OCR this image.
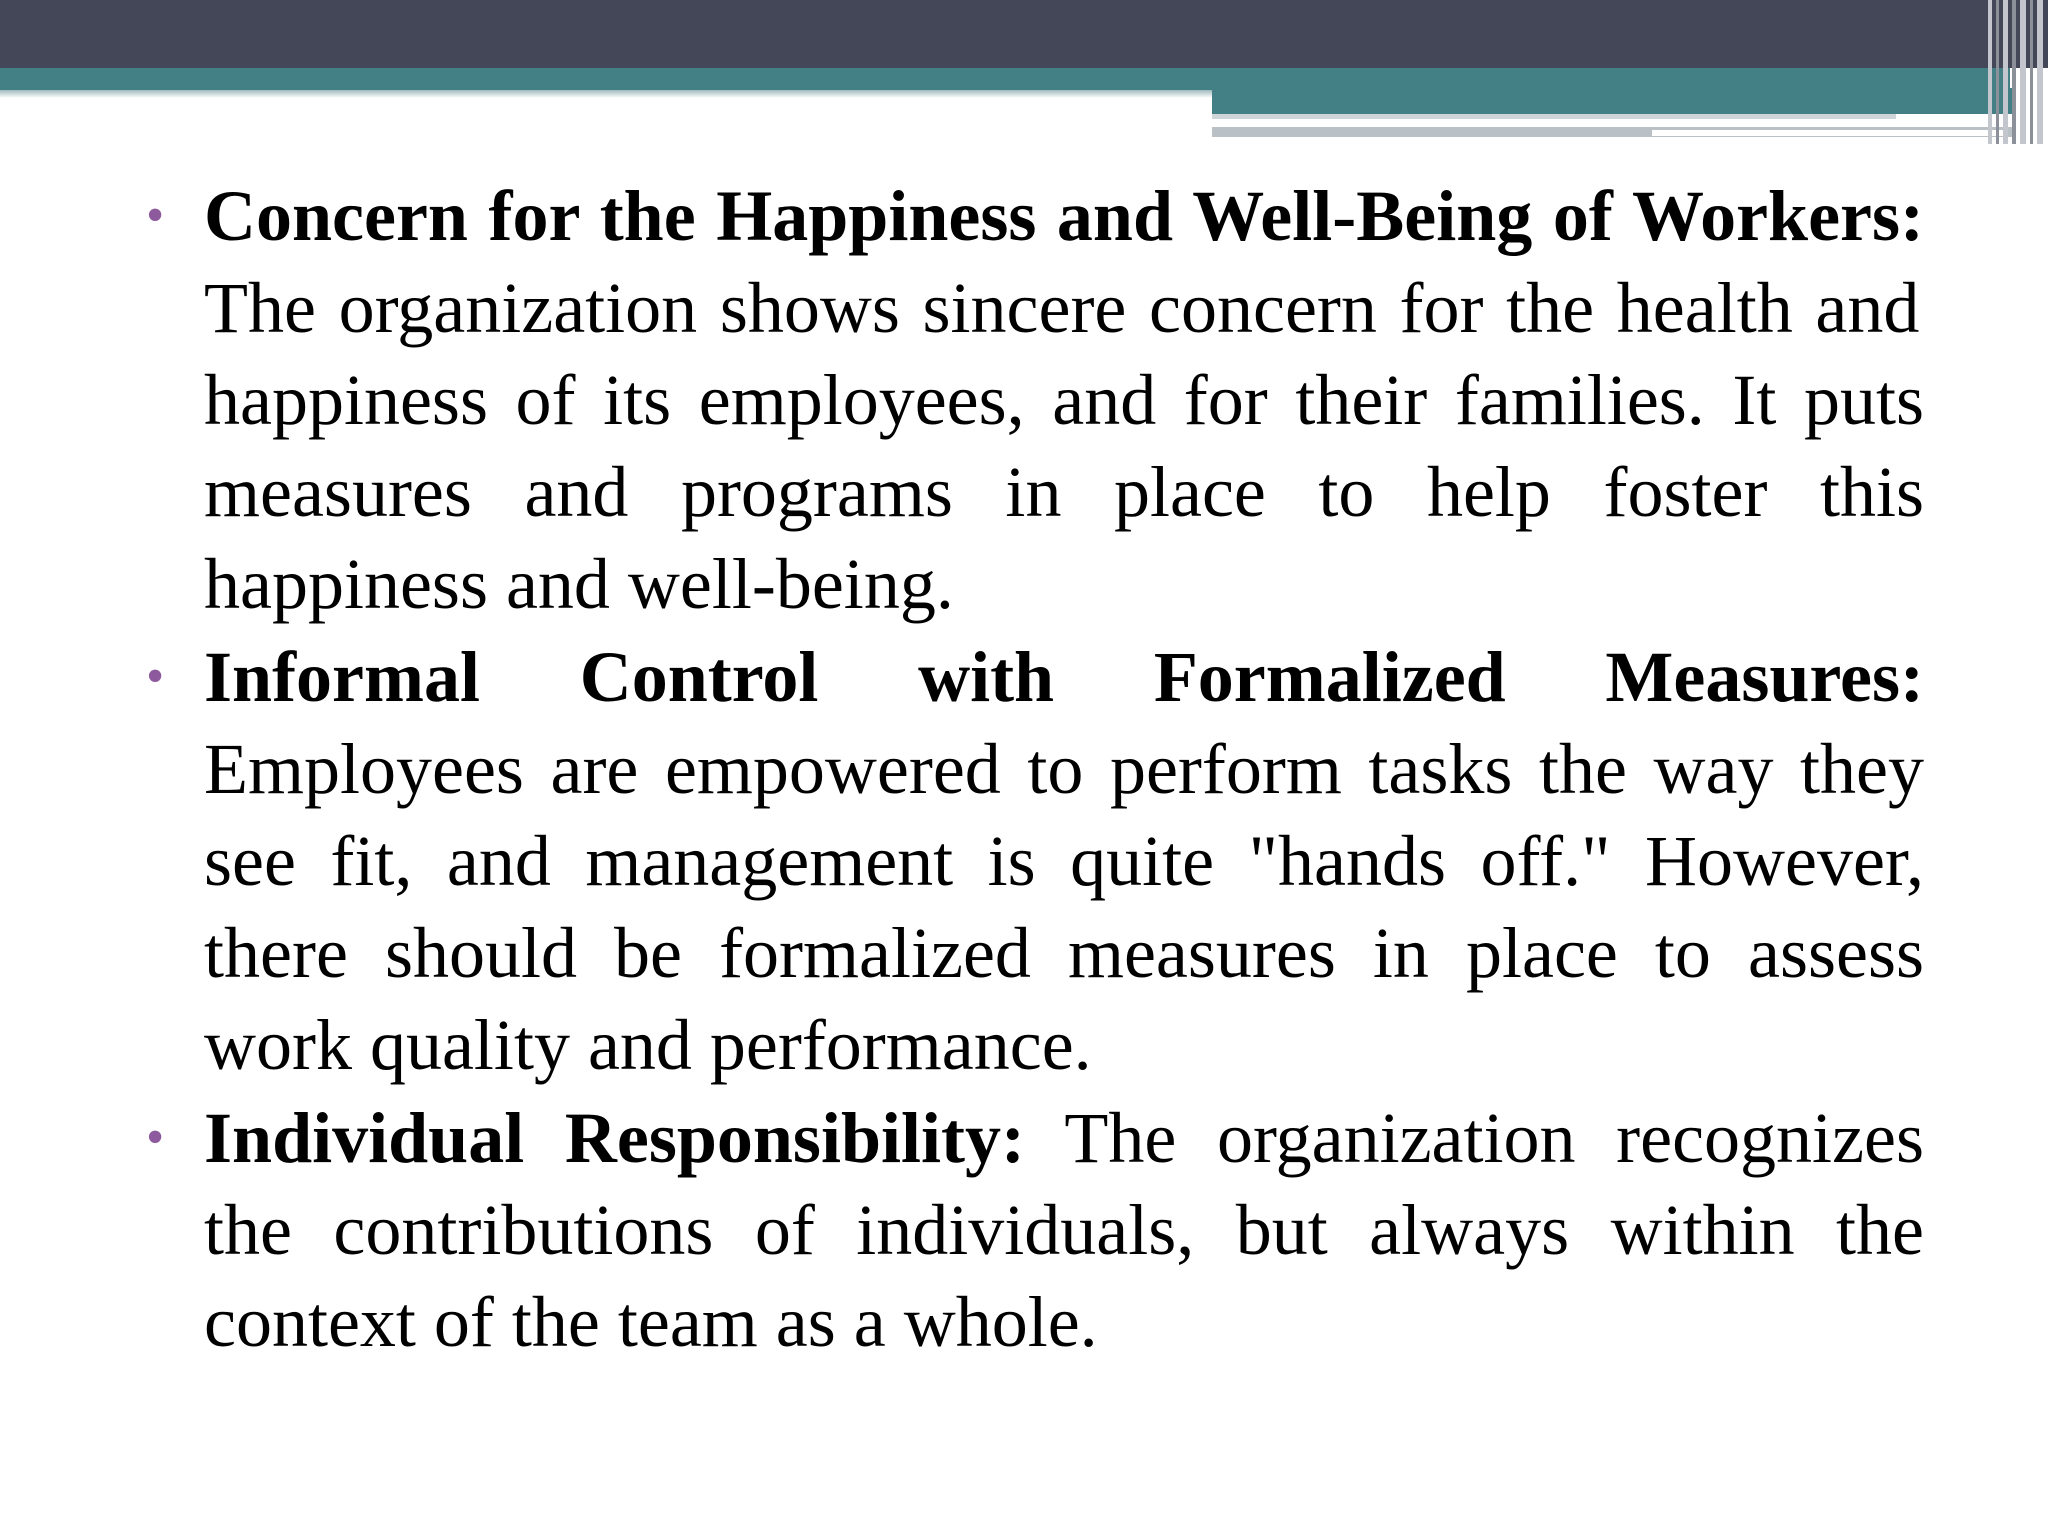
• Concern for the Happiness and Well-Being of Workers: The organization shows sincere concern for the health and happiness of its employees, and for their families. It puts measures and programs in place to help foster this happiness and well-being.

• Informal Control with Formalized Measures: Employees are empowered to perform tasks the way they see fit, and management is quite "hands off." However, there should be formalized measures in place to assess work quality and performance.

• Individual Responsibility: The organization recognizes the contributions of individuals, but always within the context of the team as a whole.
